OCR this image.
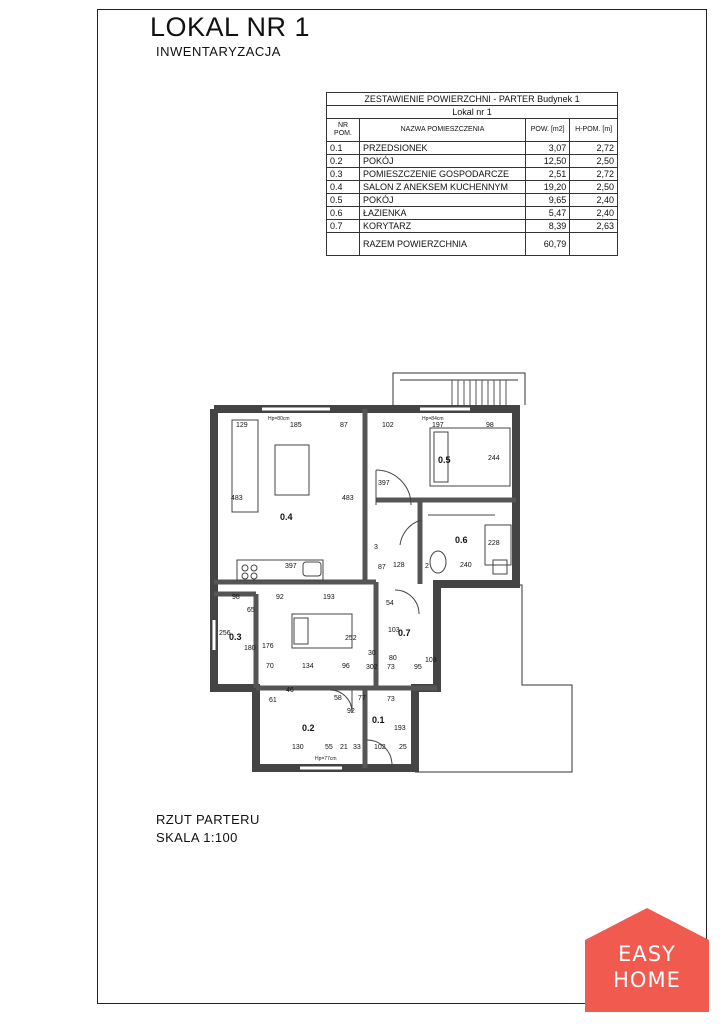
LOKAL NR 1
INWENTARYZACJA
ZESTAWIENIE POWIERZCHNI - PARTER Budynek 1			
Lokal nr 1			
NR POM.	NAZWA POMIESZCZENIA	POW. [m2]	H-POM. [m]
0.1	PRZEDSIONEK	3,07	2,72
0.2	POKÓJ	12,50	2,50
0.3	POMIESZCZENIE GOSPODARCZE	2,51	2,72
0.4	SALON Z ANEKSEM KUCHENNYM	19,20	2,50
0.5	POKÓJ	9,65	2,40
0.6	ŁAZIENKA	5,47	2,40
0.7	KORYTARZ	8,39	2,63
	RAZEM POWIERZCHNIA	60,79	
0.1
0.2
0.3
0.4
0.5
0.6
0.7
Hp=80cm	Hp=84cm
Hp=77cm
129	185	87	102	197	98
483	483
397
397
244
228
3
87 128	2	240
98
65
92	193
54
256
180 176
252
103
103
70	134	96
30
80
302 73	95
61
46
58 77	73
92
193
130	55 21 33 102 25
RZUT PARTERU
SKALA 1:100
EASY
HOME
